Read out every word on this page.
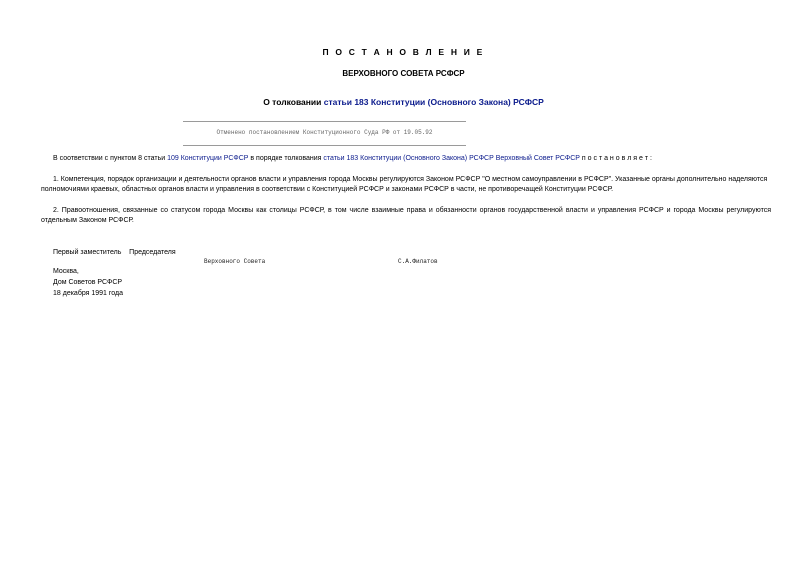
П О С Т А Н О В Л Е Н И Е
ВЕРХОВНОГО СОВЕТА РСФСР
О толковании статьи 183 Конституции (Основного Закона) РСФСР
Отменено постановлением Конституционного Суда РФ от 19.05.92
В соответствии с пунктом 8 статьи 109 Конституции РСФСР в порядке толкования статьи 183 Конституции (Основного Закона) РСФСР Верховный Совет РСФСР п о с т а н о в л я е т :
1. Компетенция, порядок организации и деятельности органов власти и управления города Москвы регулируются Законом РСФСР "О местном самоуправлении в РСФСР". Указанные органы дополнительно наделяются полномочиями краевых, областных органов власти и управления в соответствии с Конституцией РСФСР и законами РСФСР в части, не противоречащей Конституции РСФСР.
2. Правоотношения, связанные со статусом города Москвы как столицы РСФСР, в том числе взаимные права и обязанности органов государственной власти и управления РСФСР и города Москвы регулируются отдельным Законом РСФСР.
Первый заместитель Председателя
Верховного Совета	С.А.Филатов
Москва,
Дом Советов РСФСР
18 декабря 1991 года
